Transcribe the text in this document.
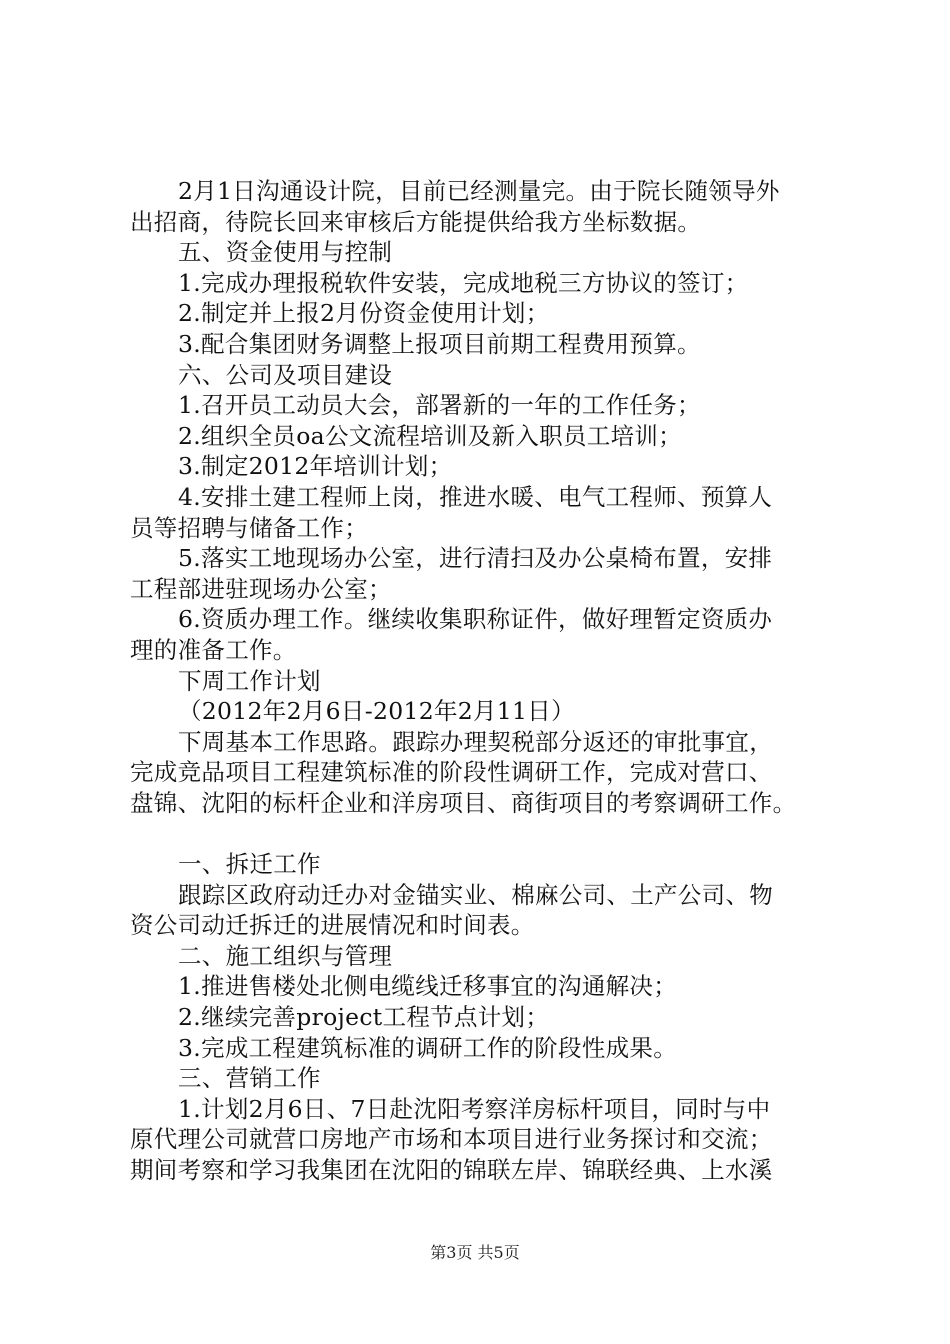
2月1日沟通设计院，目前已经测量完。由于院长随领导外
出招商，待院长回来审核后方能提供给我方坐标数据。
五、资金使用与控制
1.完成办理报税软件安装，完成地税三方协议的签订；
2.制定并上报2月份资金使用计划；
3.配合集团财务调整上报项目前期工程费用预算。
六、公司及项目建设
1.召开员工动员大会，部署新的一年的工作任务；
2.组织全员oa公文流程培训及新入职员工培训；
3.制定2012年培训计划；
4.安排土建工程师上岗，推进水暖、电气工程师、预算人
员等招聘与储备工作；
5.落实工地现场办公室，进行清扫及办公桌椅布置，安排
工程部进驻现场办公室；
6.资质办理工作。继续收集职称证件，做好理暂定资质办
理的准备工作。
下周工作计划
（2012年2月6日-2012年2月11日）
下周基本工作思路。跟踪办理契税部分返还的审批事宜，
完成竞品项目工程建筑标准的阶段性调研工作，完成对营口、
盘锦、沈阳的标杆企业和洋房项目、商街项目的考察调研工作。
一、拆迁工作
跟踪区政府动迁办对金锚实业、棉麻公司、土产公司、物
资公司动迁拆迁的进展情况和时间表。
二、施工组织与管理
1.推进售楼处北侧电缆线迁移事宜的沟通解决；
2.继续完善project工程节点计划；
3.完成工程建筑标准的调研工作的阶段性成果。
三、营销工作
1.计划2月6日、7日赴沈阳考察洋房标杆项目，同时与中
原代理公司就营口房地产市场和本项目进行业务探讨和交流；
期间考察和学习我集团在沈阳的锦联左岸、锦联经典、上水溪
第3页 共5页
